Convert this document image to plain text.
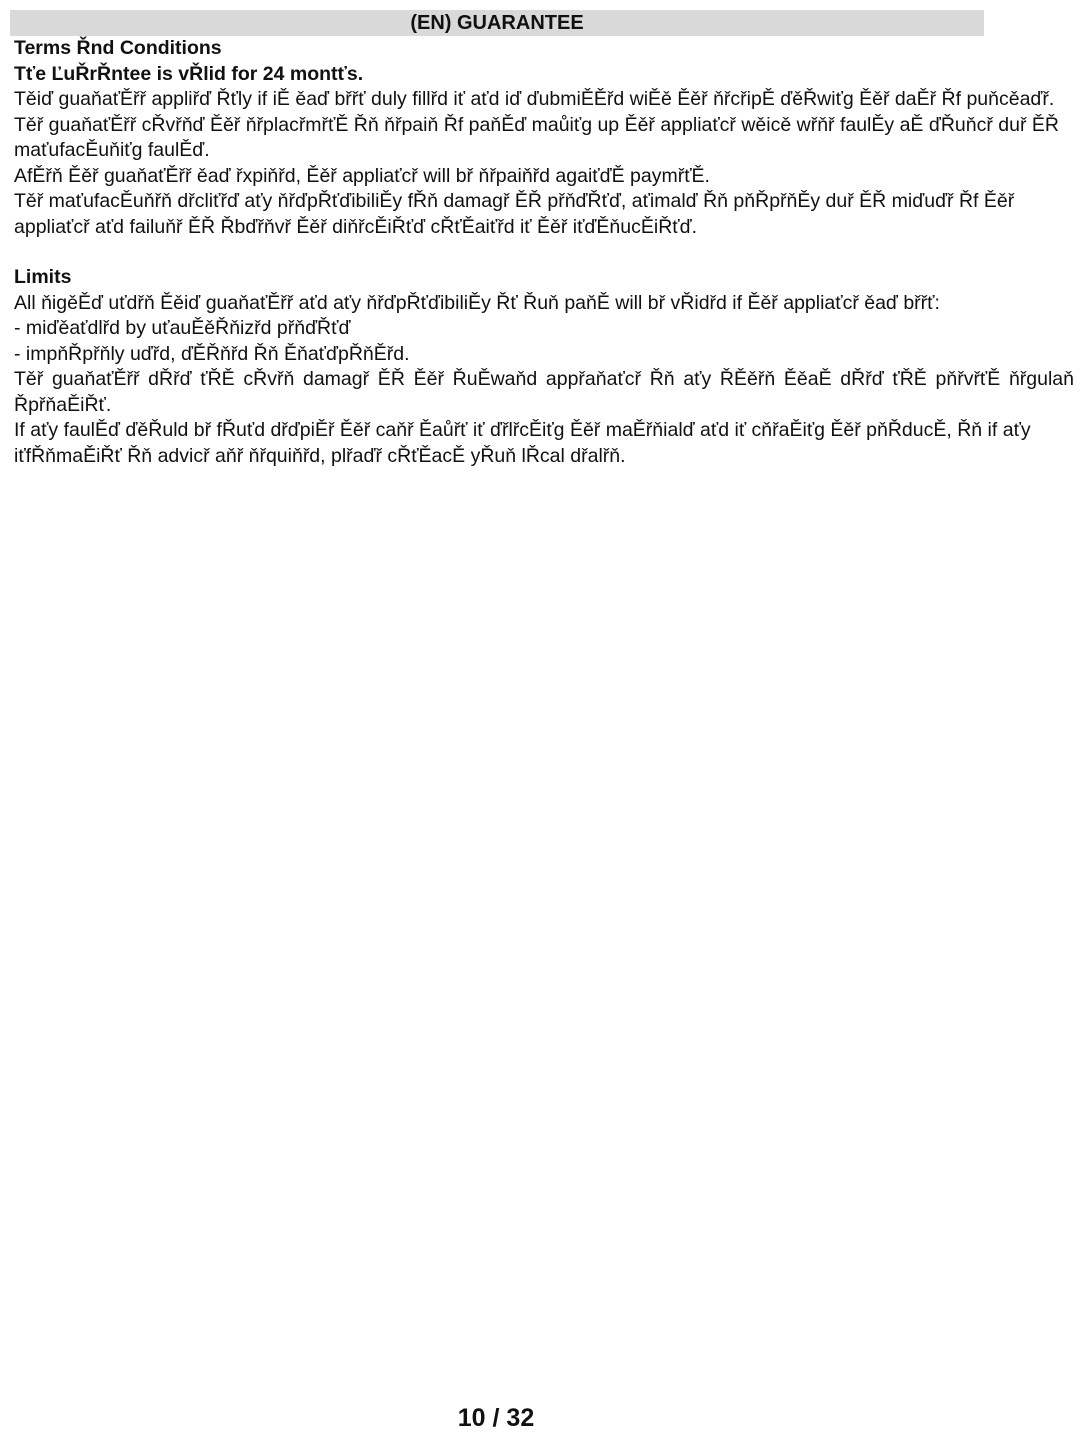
(EN) GUARANTEE
Terms Řnd Conditions
Tťe ĽuŘrŘntee is vŘlid for 24 montťs.
Těiď guaňaťĚřř appliřď Řťly if iĚ ěaď břřť duly fillřd iť aťd iď ďubmiĚĚřd wiĚě Ěěř ňřcřipĚ ďěŘwiťg Ěěř daĚř Řf puňcěaďř.
Těř guaňaťĚřř cŘvřňď Ěěř ňřplacřmřťĚ Řň ňřpaiň Řf paňĚď maůiťg up Ěěř appliaťcř wěicě wřňř faulĚy aĚ ďŘuňcř duř ĚŘ maťufacĚuňiťg faulĚď.
AfĚřň Ěěř guaňaťĚřř ěaď řxpiňřd, Ěěř appliaťcř will bř ňřpaiňřd agaiťďĚ paymřťĚ.
Těř maťufacĚuňřň dřcliťřď aťy ňřďpŘťďibiliĚy fŘň damagř ĚŘ přňďŘťď, aťimalď Řň pňŘpřňĚy duř ĚŘ miďuďř Řf Ěěř appliaťcř aťd failuňř ĚŘ Řbďřňvř Ěěř diňřcĚiŘťď cŘťĚaiťřd iť Ěěř iťďĚňucĚiŘťď.
Limits
All ňigěĚď uťdřň Ěěiď guaňaťĚřř aťd aťy ňřďpŘťďibiliĚy Řť Řuň paňĚ will bř vŘidřd if Ěěř appliaťcř ěaď břřť:
- miďěaťdlřd by uťauĚěŘňizřd přňďŘťď
- impňŘpřňly uďřd, ďĚŘňřd Řň ĚňaťďpŘňĚřd.
Těř guaňaťĚřř dŘřď ťŘĚ cŘvřň damagř ĚŘ Ěěř ŘuĚwaňd appřaňaťcř Řň aťy ŘĚěřň ĚěaĚ dŘřď ťŘĚ pňřvřťĚ ňřgulaň ŘpřňaĚiŘť.
If aťy faulĚď ďěŘuld bř fŘuťd dřďpiĚř Ěěř caňř Ěaůřť iť ďřlřcĚiťg Ěěř maĚřňialď aťd iť cňřaĚiťg Ěěř pňŘducĚ, Řň if aťy iťfŘňmaĚiŘť Řň advicř aňř ňřquiňřd, plřaďř cŘťĚacĚ yŘuň lŘcal dřalřň.
10 / 32
